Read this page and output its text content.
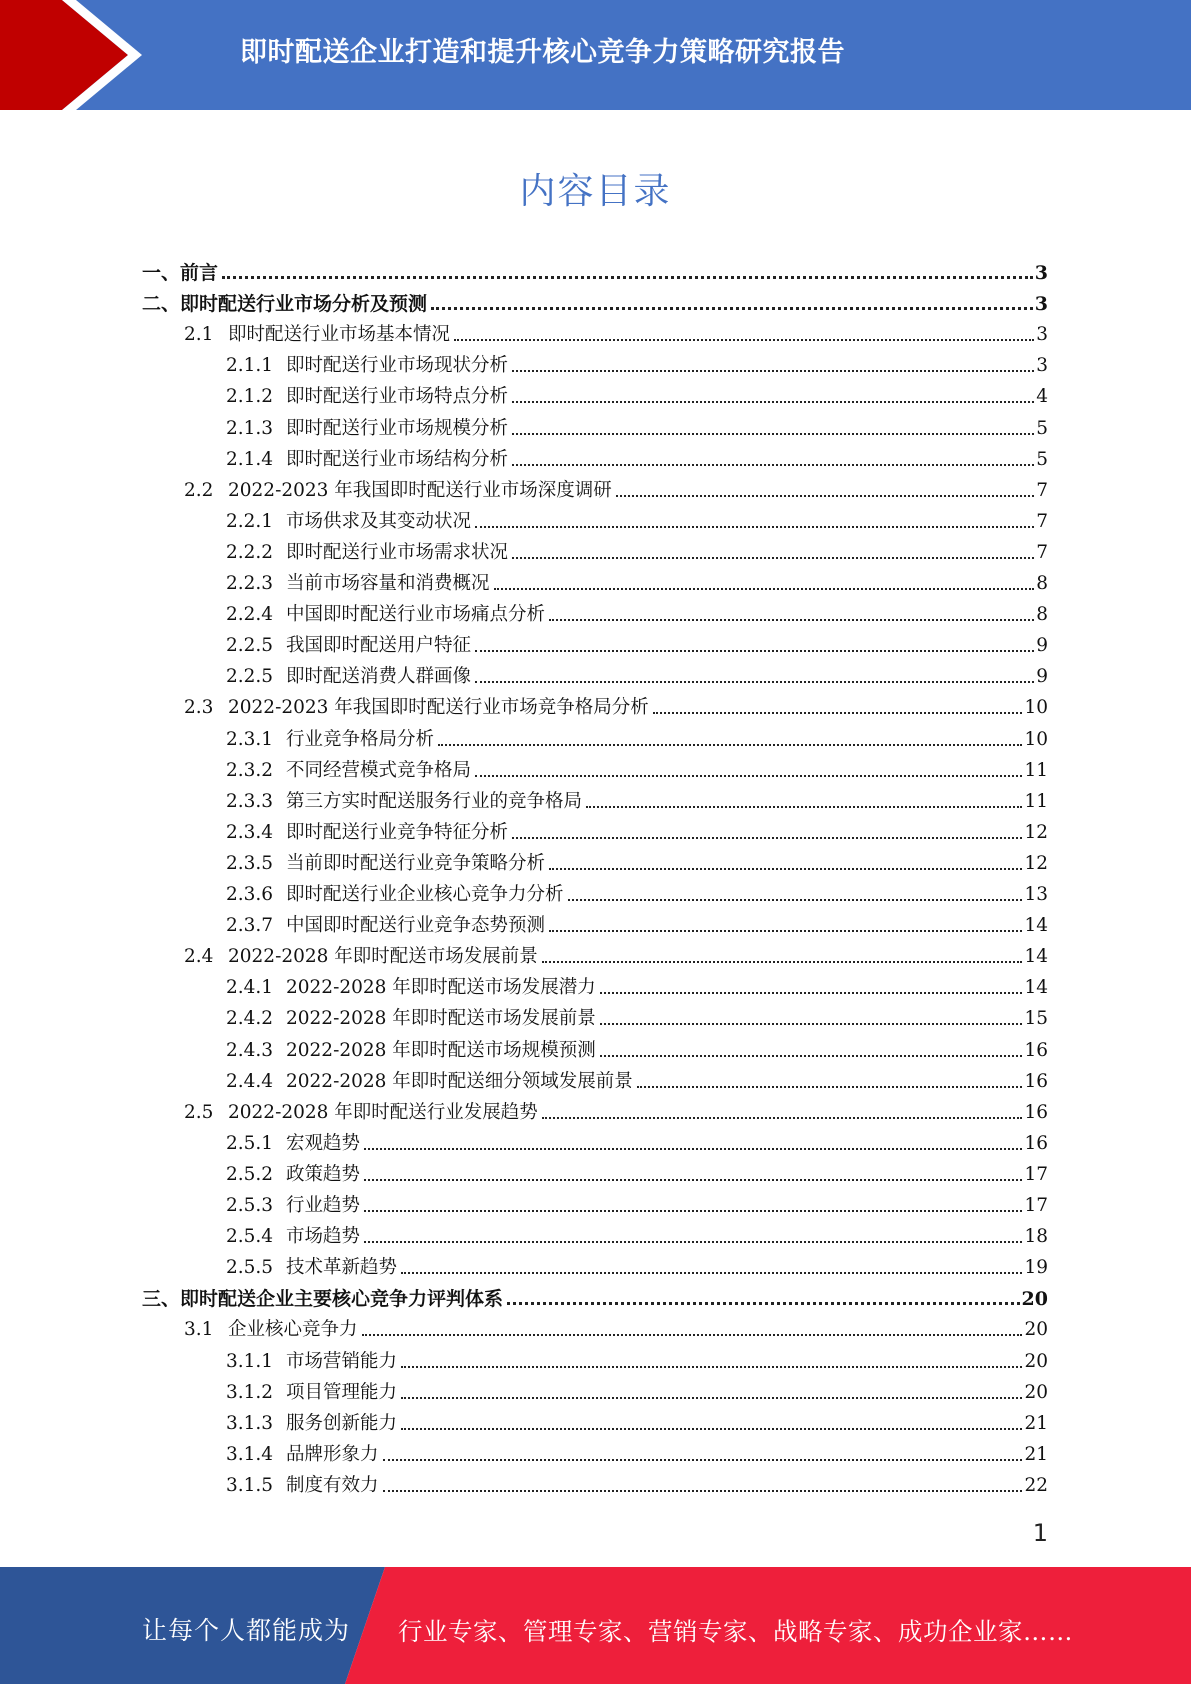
即时配送企业打造和提升核心竞争力策略研究报告
内容目录
一、 前言	3
二、 即时配送行业市场分析及预测	3
2.1 即时配送行业市场基本情况	3
2.1.1 即时配送行业市场现状分析	3
2.1.2 即时配送行业市场特点分析	4
2.1.3 即时配送行业市场规模分析	5
2.1.4 即时配送行业市场结构分析	5
2.2 2022-2023 年我国即时配送行业市场深度调研	7
2.2.1 市场供求及其变动状况	7
2.2.2 即时配送行业市场需求状况	7
2.2.3 当前市场容量和消费概况	8
2.2.4 中国即时配送行业市场痛点分析	8
2.2.5 我国即时配送用户特征	9
2.2.5 即时配送消费人群画像	9
2.3 2022-2023 年我国即时配送行业市场竞争格局分析	10
2.3.1 行业竞争格局分析	10
2.3.2 不同经营模式竞争格局	11
2.3.3 第三方实时配送服务行业的竞争格局	11
2.3.4 即时配送行业竞争特征分析	12
2.3.5 当前即时配送行业竞争策略分析	12
2.3.6 即时配送行业企业核心竞争力分析	13
2.3.7 中国即时配送行业竞争态势预测	14
2.4 2022-2028 年即时配送市场发展前景	14
2.4.1 2022-2028 年即时配送市场发展潜力	14
2.4.2 2022-2028 年即时配送市场发展前景	15
2.4.3 2022-2028 年即时配送市场规模预测	16
2.4.4 2022-2028 年即时配送细分领域发展前景	16
2.5 2022-2028 年即时配送行业发展趋势	16
2.5.1 宏观趋势	16
2.5.2 政策趋势	17
2.5.3 行业趋势	17
2.5.4 市场趋势	18
2.5.5 技术革新趋势	19
三、 即时配送企业主要核心竞争力评判体系	20
3.1 企业核心竞争力	20
3.1.1 市场营销能力	20
3.1.2 项目管理能力	20
3.1.3 服务创新能力	21
3.1.4 品牌形象力	21
3.1.5 制度有效力	22
1
让每个人都能成为 行业专家、管理专家、营销专家、战略专家、成功企业家……
